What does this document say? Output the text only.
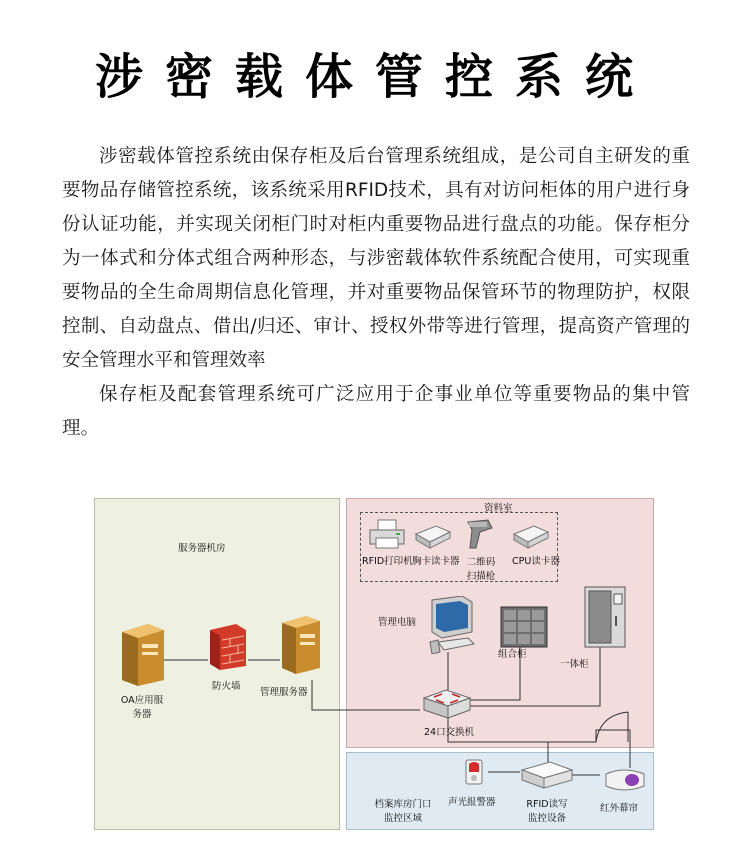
涉密载体管控系统

涉密载体管控系统由保存柜及后台管理系统组成，是公司自主研发的重要物品存储管控系统，该系统采用RFID技术，具有对访问柜体的用户进行身份认证功能，并实现关闭柜门时对柜内重要物品进行盘点的功能。保存柜分为一体式和分体式组合两种形态，与涉密载体软件系统配合使用，可实现重要物品的全生命周期信息化管理，并对重要物品保管环节的物理防护，权限控制、自动盘点、借出/归还、审计、授权外带等进行管理，提高资产管理的安全管理水平和管理效率

保存柜及配套管理系统可广泛应用于企事业单位等重要物品的集中管理。

服务器机房
资料室
档案库房门口
监控区域
OA应用服
务器
防火墙
管理服务器
RFID打印机 胸卡读卡器 二维码
扫描枪
CPU读卡器
管理电脑
组合柜
一体柜
24口交换机
声光报警器	RFID读写
监控设备
红外幕帘
